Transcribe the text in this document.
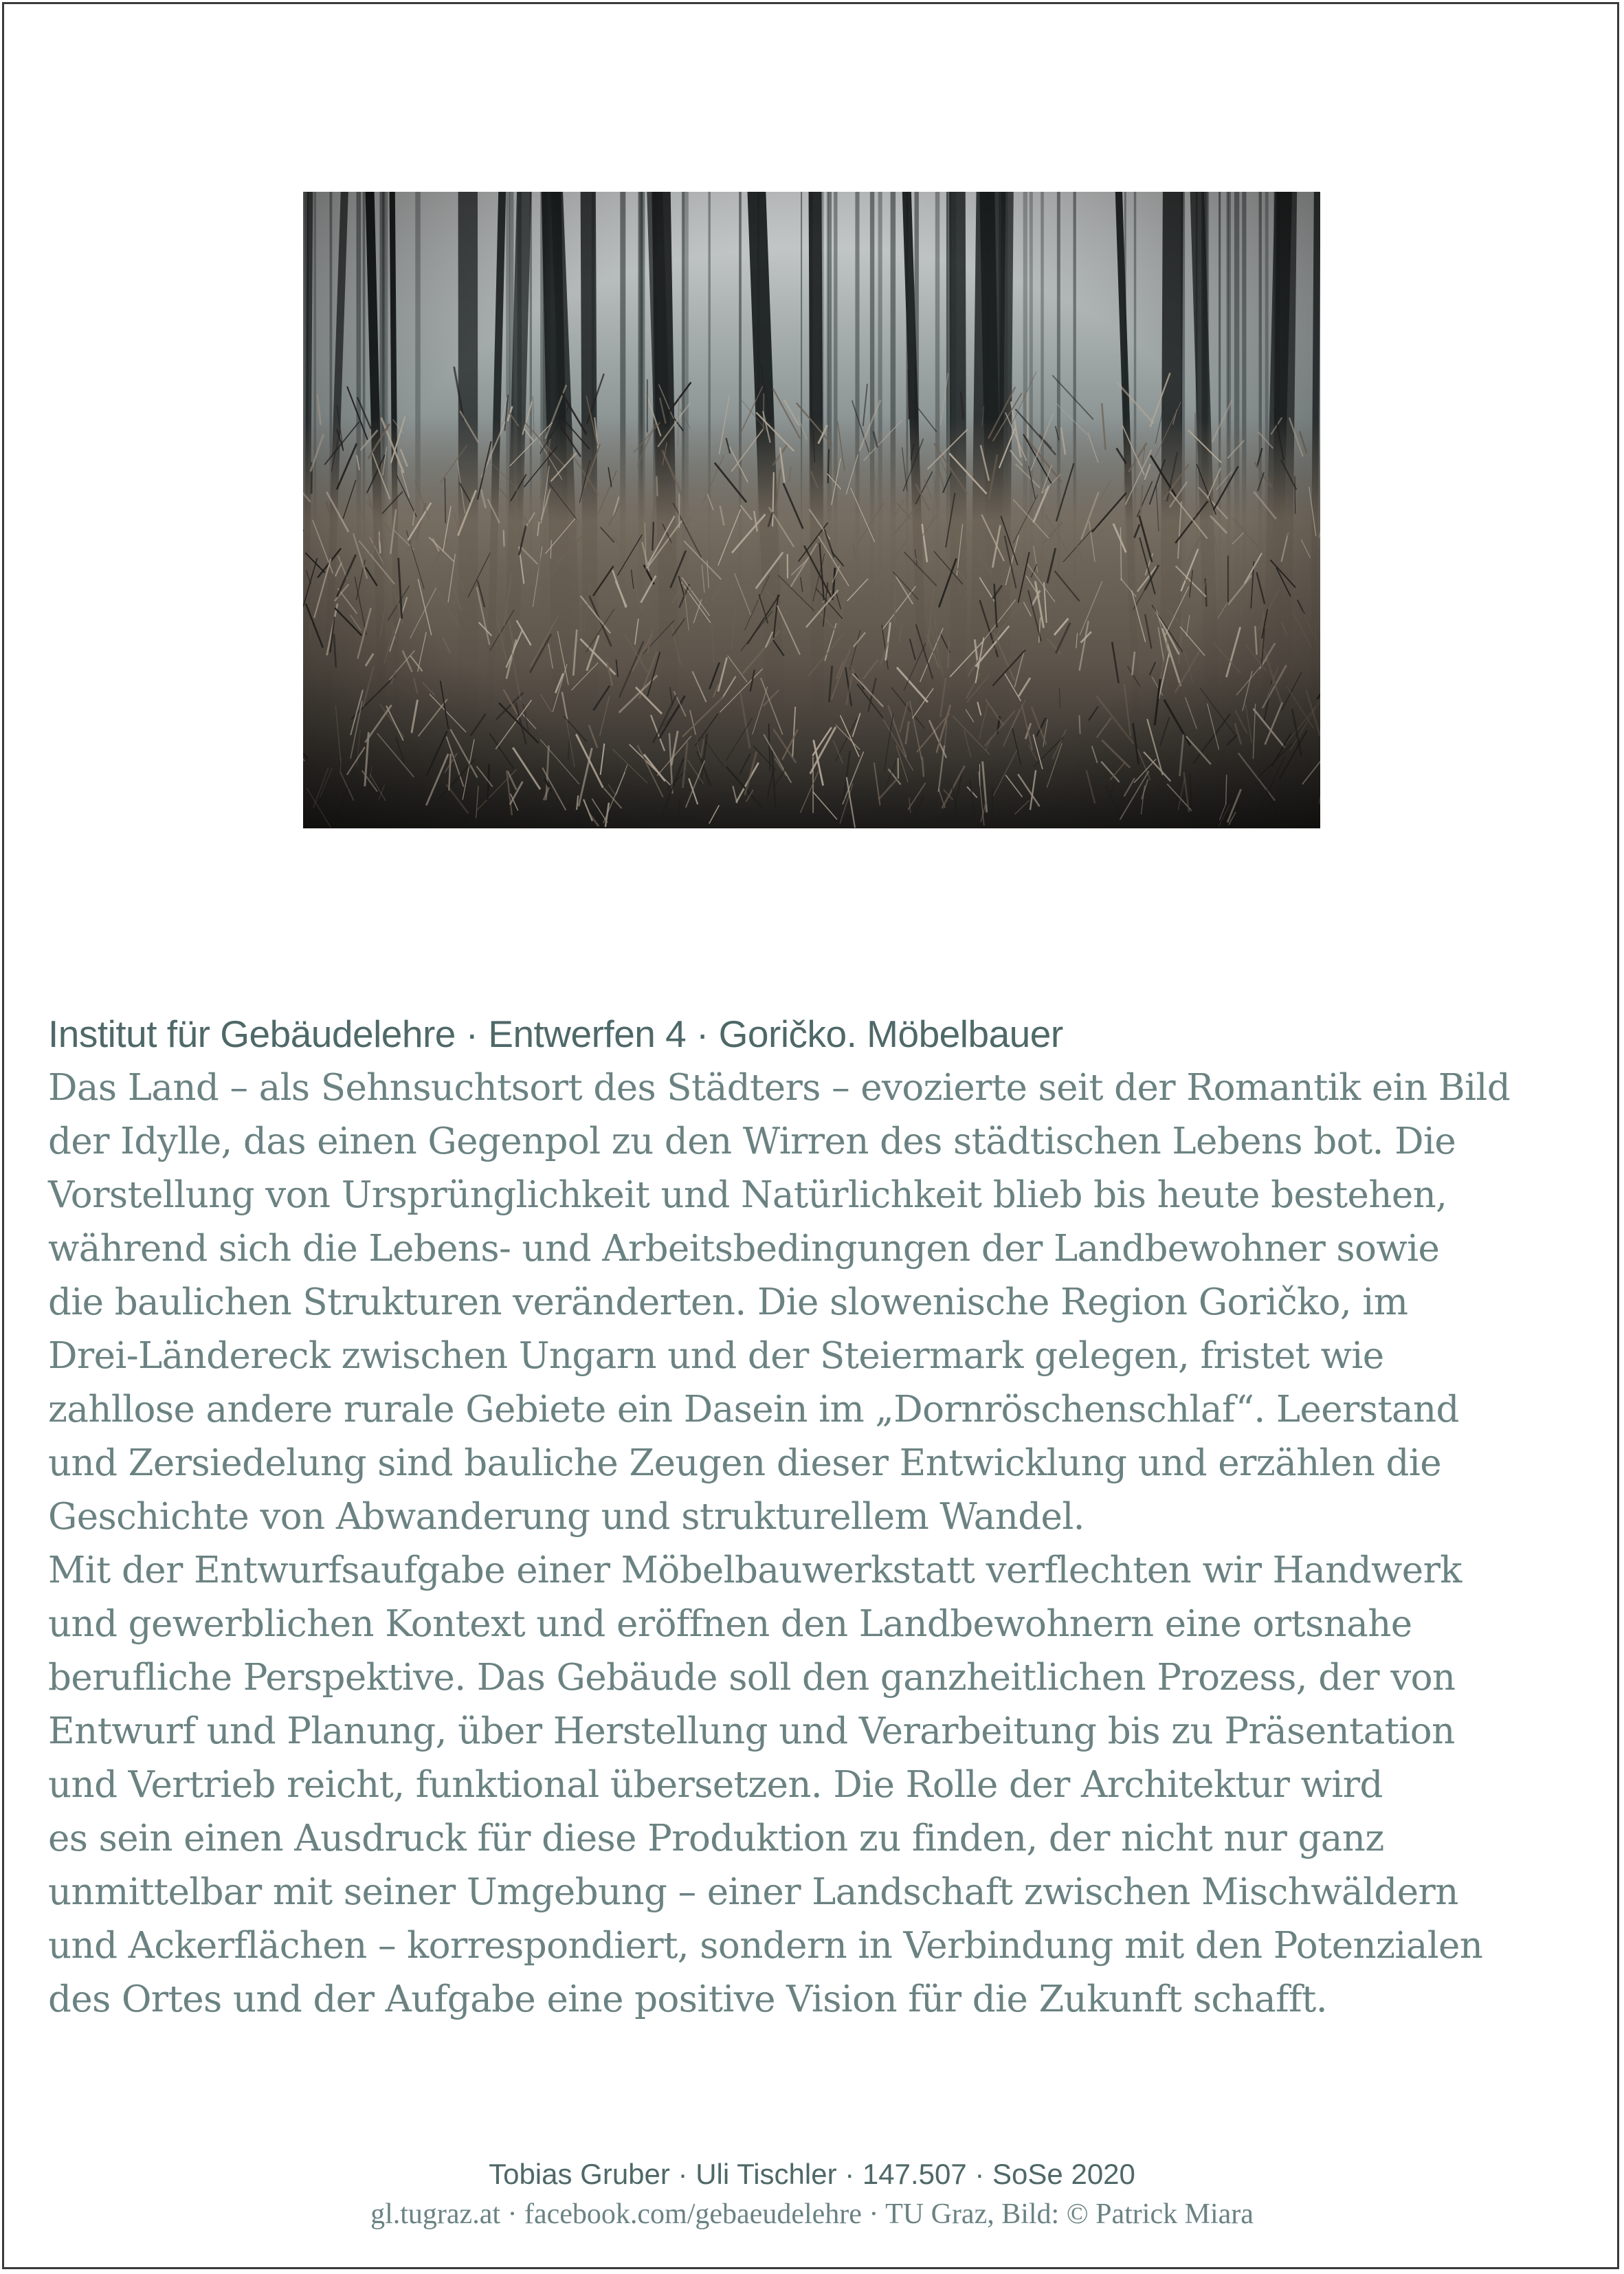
Institut für Gebäudelehre · Entwerfen 4 · Goričko. Möbelbauer
Das Land – als Sehnsuchtsort des Städters – evozierte seit der Romantik ein Bild
der Idylle, das einen Gegenpol zu den Wirren des städtischen Lebens bot. Die
Vorstellung von Ursprünglichkeit und Natürlichkeit blieb bis heute bestehen,
während sich die Lebens- und Arbeitsbedingungen der Landbewohner sowie
die baulichen Strukturen veränderten. Die slowenische Region Goričko, im
Drei-Ländereck zwischen Ungarn und der Steiermark gelegen, fristet wie
zahllose andere rurale Gebiete ein Dasein im „Dornröschenschlaf“. Leerstand
und Zersiedelung sind bauliche Zeugen dieser Entwicklung und erzählen die
Geschichte von Abwanderung und strukturellem Wandel.
Mit der Entwurfsaufgabe einer Möbelbauwerkstatt verflechten wir Handwerk
und gewerblichen Kontext und eröffnen den Landbewohnern eine ortsnahe
berufliche Perspektive. Das Gebäude soll den ganzheitlichen Prozess, der von
Entwurf und Planung, über Herstellung und Verarbeitung bis zu Präsentation
und Vertrieb reicht, funktional übersetzen. Die Rolle der Architektur wird
es sein einen Ausdruck für diese Produktion zu finden, der nicht nur ganz
unmittelbar mit seiner Umgebung – einer Landschaft zwischen Mischwäldern
und Ackerflächen – korrespondiert, sondern in Verbindung mit den Potenzialen
des Ortes und der Aufgabe eine positive Vision für die Zukunft schafft.
Tobias Gruber · Uli Tischler · 147.507 · SoSe 2020
gl.tugraz.at · facebook.com/gebaeudelehre · TU Graz, Bild: © Patrick Miara
